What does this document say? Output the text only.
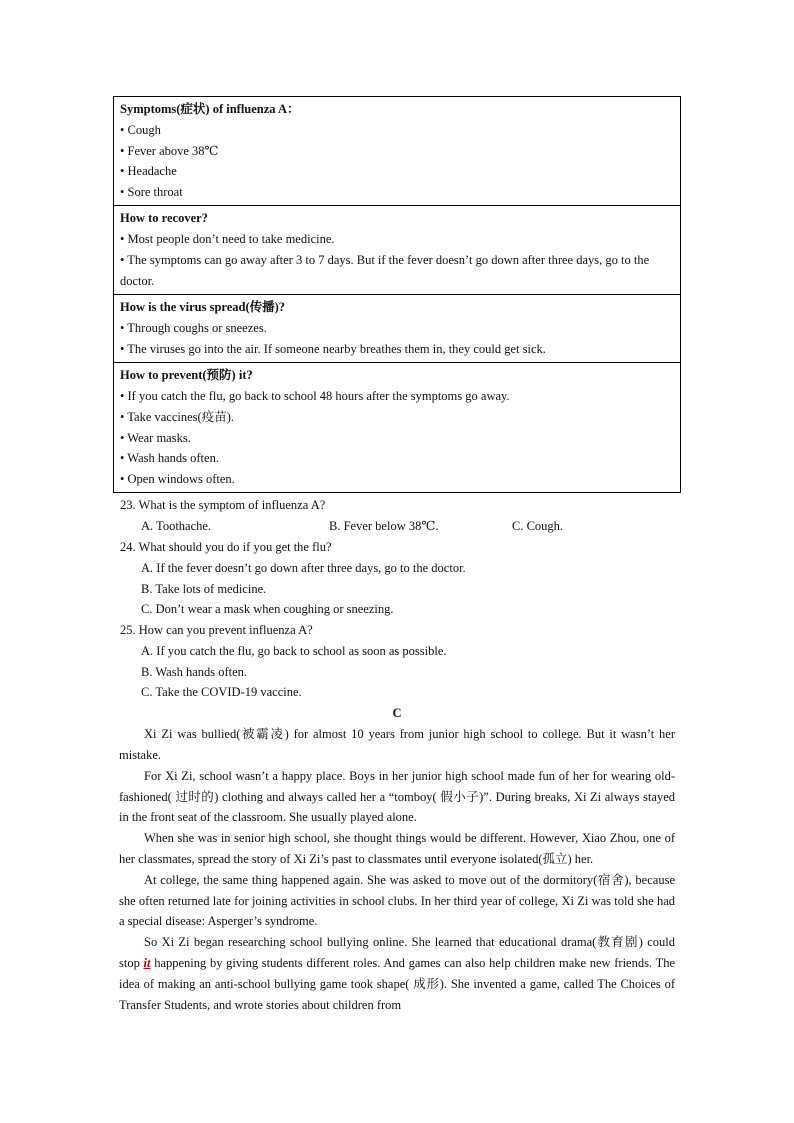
Symptoms(症状) of influenza A：
• Cough
• Fever above 38℃
• Headache
• Sore throat

How to recover?
• Most people don’t need to take medicine.
• The symptoms can go away after 3 to 7 days. But if the fever doesn’t go down after three days, go to the doctor.

How is the virus spread(传播)?
• Through coughs or sneezes.
• The viruses go into the air. If someone nearby breathes them in, they could get sick.

How to prevent(预防) it?
• If you catch the flu, go back to school 48 hours after the symptoms go away.
• Take vaccines(疫苗).
• Wear masks.
• Wash hands often.
• Open windows often.
23. What is the symptom of influenza A?
A. Toothache.	B. Fever below 38℃.	C. Cough.
24. What should you do if you get the flu?
A. If the fever doesn’t go down after three days, go to the doctor.
B. Take lots of medicine.
C. Don’t wear a mask when coughing or sneezing.
25. How can you prevent influenza A?
A. If you catch the flu, go back to school as soon as possible.
B. Wash hands often.
C. Take the COVID-19 vaccine.
C
Xi Zi was bullied(被霸凌) for almost 10 years from junior high school to college. But it wasn’t her mistake.
For Xi Zi, school wasn’t a happy place. Boys in her junior high school made fun of her for wearing old-fashioned( 过时的) clothing and always called her a “tomboy( 假小子)”. During breaks, Xi Zi always stayed in the front seat of the classroom. She usually played alone.
When she was in senior high school, she thought things would be different. However, Xiao Zhou, one of her classmates, spread the story of Xi Zi’s past to classmates until everyone isolated(孤立) her.
At college, the same thing happened again. She was asked to move out of the dormitory(宿舍), because she often returned late for joining activities in school clubs. In her third year of college, Xi Zi was told she had a special disease: Asperger’s syndrome.
So Xi Zi began researching school bullying online. She learned that educational drama(教育剧) could stop it happening by giving students different roles. And games can also help children make new friends. The idea of making an anti-school bullying game took shape( 成形). She invented a game, called The Choices of Transfer Students, and wrote stories about children from
